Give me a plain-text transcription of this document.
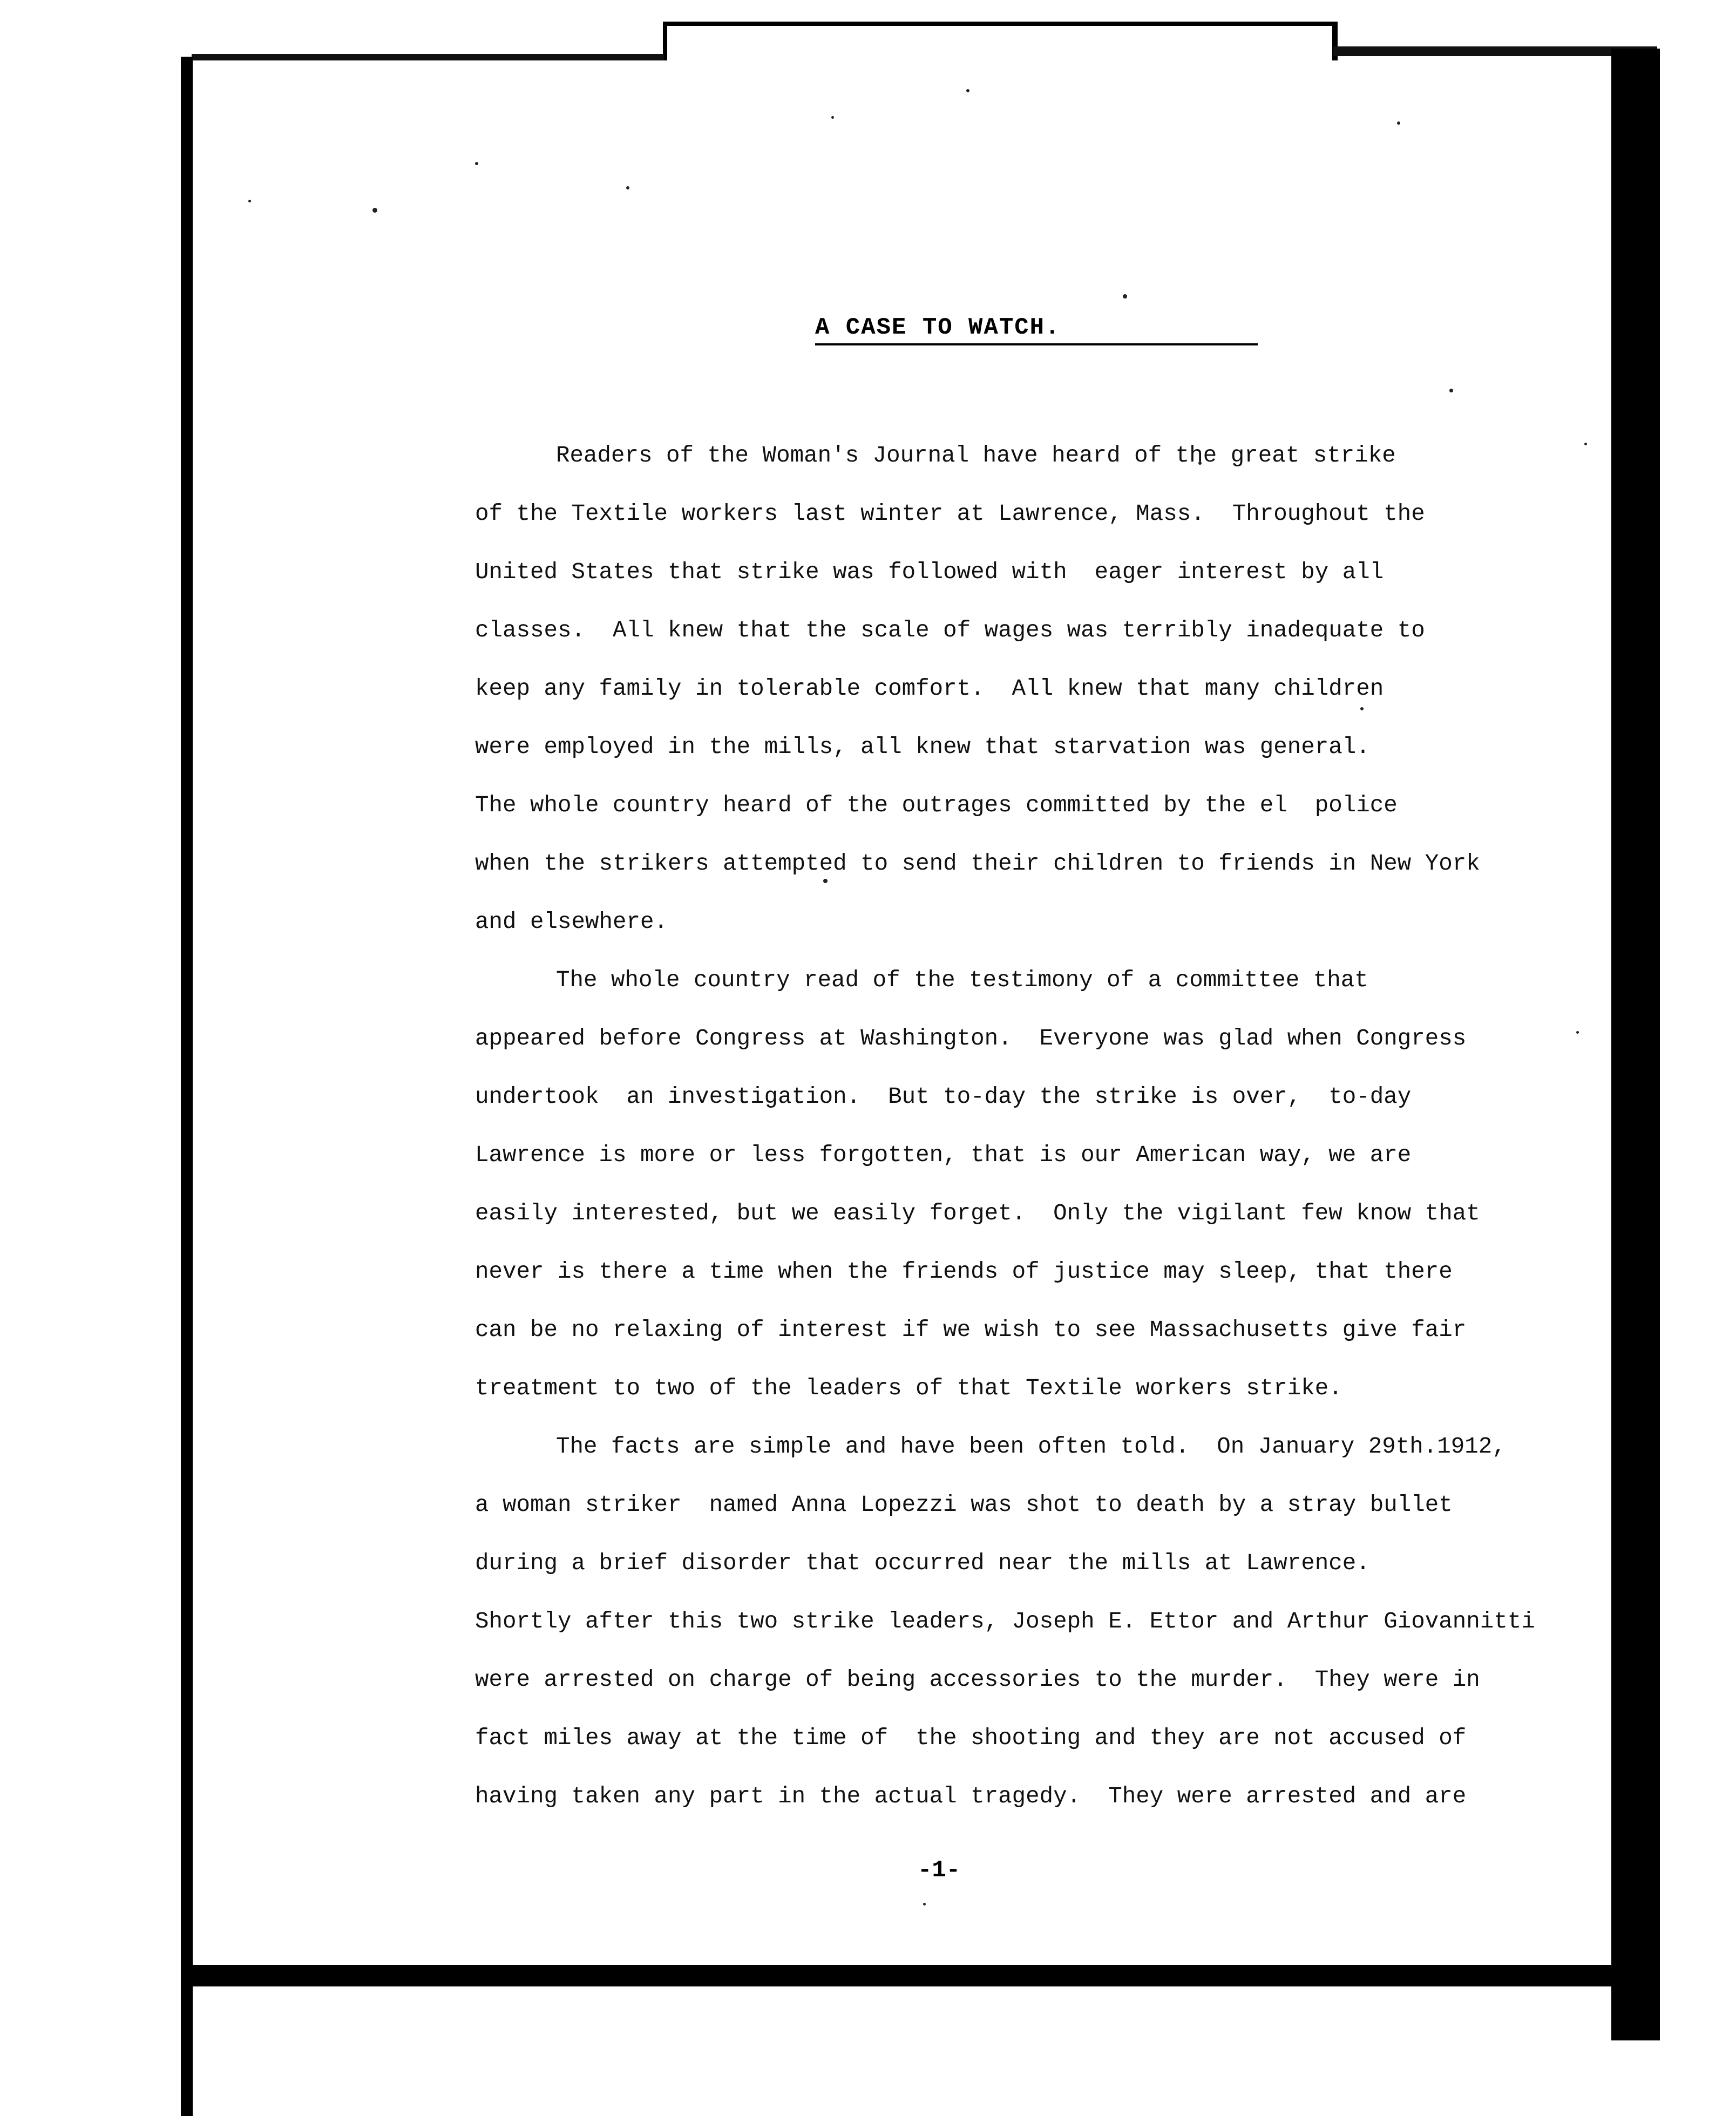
A CASE TO WATCH.

Readers of the Woman's Journal have heard of the great strike

of the Textile workers last winter at Lawrence, Mass.  Throughout the

United States that strike was followed with  eager interest by all

classes.  All knew that the scale of wages was terribly inadequate to

keep any family in tolerable comfort.  All knew that many children

were employed in the mills, all knew that starvation was general.

The whole country heard of the outrages committed by the el  police

when the strikers attempted to send their children to friends in New York

and elsewhere.

The whole country read of the testimony of a committee that

appeared before Congress at Washington.  Everyone was glad when Congress

undertook  an investigation.  But to-day the strike is over,  to-day

Lawrence is more or less forgotten, that is our American way, we are

easily interested, but we easily forget.  Only the vigilant few know that

never is there a time when the friends of justice may sleep, that there

can be no relaxing of interest if we wish to see Massachusetts give fair

treatment to two of the leaders of that Textile workers strike.

The facts are simple and have been often told.  On January 29th.1912,

a woman striker  named Anna Lopezzi was shot to death by a stray bullet

during a brief disorder that occurred near the mills at Lawrence.

Shortly after this two strike leaders, Joseph E. Ettor and Arthur Giovannitti

were arrested on charge of being accessories to the murder.  They were in

fact miles away at the time of  the shooting and they are not accused of

having taken any part in the actual tragedy.  They were arrested and are

-1-
